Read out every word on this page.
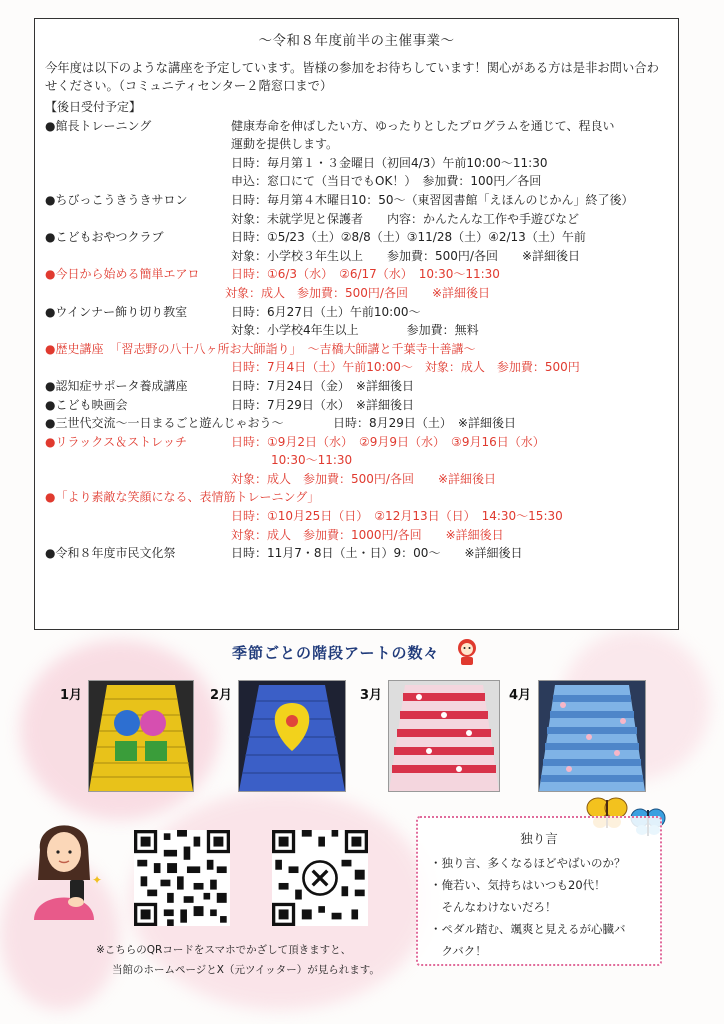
～令和８年度前半の主催事業～
今年度は以下のような講座を予定しています。皆様の参加をお待ちしています！関心がある方は是非お問い合わせください。（コミュニティセンター２階窓口まで）
【後日受付予定】
●館長トレーニング	健康寿命を伸ばしたい方、ゆったりとしたプログラムを通じて、程良い
運動を提供します。
日時：毎月第１・３金曜日（初回4/3）午前10:00～11:30
申込：窓口にて（当日でもOK！）　参加費：100円／各回
●ちびっこうきうきサロン	日時：毎月第４木曜日10：50～（東習図書館「えほんのじかん」終了後）
対象：未就学児と保護者　　内容：かんたんな工作や手遊びなど
●こどもおやつクラブ	日時：①5/23（土）②8/8（土）③11/28（土）④2/13（土）午前
対象：小学校３年生以上　　参加費：500円/各回　　※詳細後日
●今日から始める簡単エアロ	日時：①6/3（水）　②6/17（水）　10:30～11:30
対象：成人　参加費：500円/各回　　※詳細後日
●ウインナー飾り切り教室	日時：6月27日（土）午前10:00～
対象：小学校4年生以上　　　　参加費：無料
●歴史講座　「習志野の八十八ヶ所お大師詣り」　～吉橋大師講と千葉寺十善講～
日時：7月4日（土）午前10:00～　対象：成人　参加費：500円
●認知症サポータ養成講座	日時：7月24日（金）　※詳細後日
●こども映画会	日時：7月29日（水）　※詳細後日
●三世代交流～一日まるごと遊んじゃおう～	日時：8月29日（土）　※詳細後日
●リラックス＆ストレッチ	日時：①9月2日（水）　②9月9日（水）　③9月16日（水）
10:30～11:30
対象：成人　参加費：500円/各回　　※詳細後日
●「より素敵な笑顔になる、表情筋トレーニング」
日時：①10月25日（日）　②12月13日（日）　14:30～15:30
対象：成人　参加費：1000円/各回　　※詳細後日
●令和８年度市民文化祭	日時：11月7・8日（土・日）9：00～　　※詳細後日
季節ごとの階段アートの数々
1月	2月	3月	4月
✦
※こちらのQRコードをスマホでかざして頂きますと、
当館のホームページとX（元ツイッター）が見られます。
独り言
・独り言、多くなるほどやばいのか？
・俺若い、気持ちはいつも20代！
　そんなわけないだろ！
・ペダル踏む、颯爽と見えるが心臓バ
　クバク！
